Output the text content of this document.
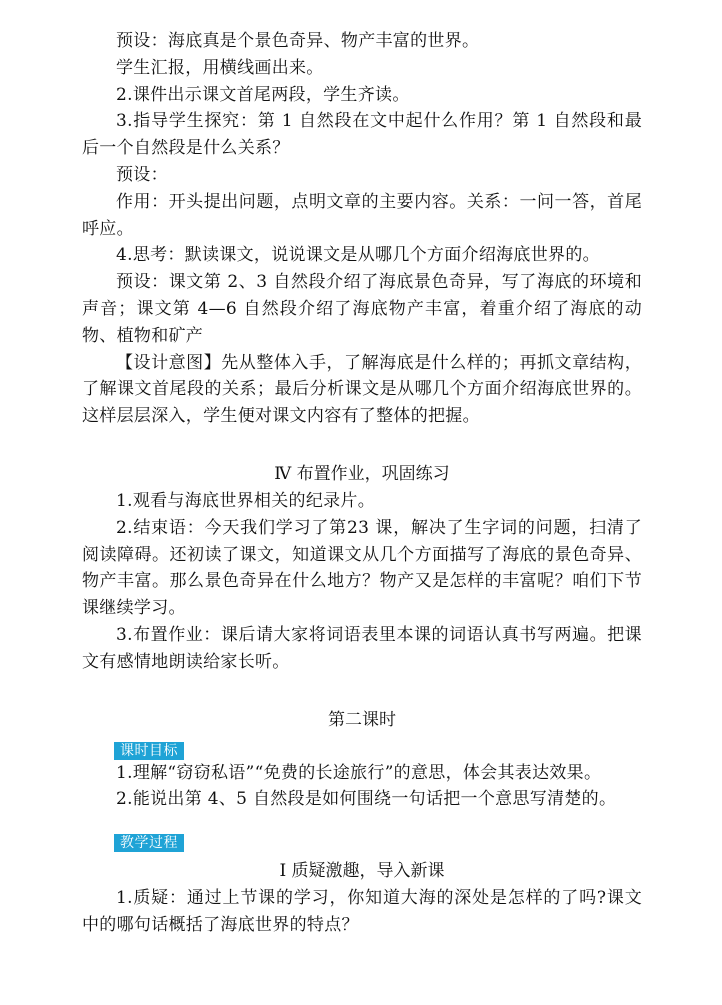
预设：海底真是个景色奇异、物产丰富的世界。

学生汇报，用横线画出来。

2.课件出示课文首尾两段，学生齐读。

3.指导学生探究：第 1 自然段在文中起什么作用？第 1 自然段和最后一个自然段是什么关系？

预设：

作用：开头提出问题，点明文章的主要内容。关系：一问一答，首尾呼应。

4.思考：默读课文，说说课文是从哪几个方面介绍海底世界的。

预设：课文第 2、3 自然段介绍了海底景色奇异，写了海底的环境和声音；课文第 4—6 自然段介绍了海底物产丰富，着重介绍了海底的动物、植物和矿产

【设计意图】先从整体入手，了解海底是什么样的；再抓文章结构，了解课文首尾段的关系；最后分析课文是从哪几个方面介绍海底世界的。这样层层深入，学生便对课文内容有了整体的把握。

Ⅳ 布置作业，巩固练习

1.观看与海底世界相关的纪录片。

2.结束语：今天我们学习了第23 课，解决了生字词的问题，扫清了阅读障碍。还初读了课文，知道课文从几个方面描写了海底的景色奇异、物产丰富。那么景色奇异在什么地方？物产又是怎样的丰富呢？咱们下节课继续学习。

3.布置作业：课后请大家将词语表里本课的词语认真书写两遍。把课文有感情地朗读给家长听。

第二课时

课时目标

1.理解“窃窃私语”“免费的长途旅行”的意思，体会其表达效果。

2.能说出第 4、5 自然段是如何围绕一句话把一个意思写清楚的。

教学过程

Ⅰ 质疑激趣，导入新课

1.质疑：通过上节课的学习，你知道大海的深处是怎样的了吗?课文中的哪句话概括了海底世界的特点？
